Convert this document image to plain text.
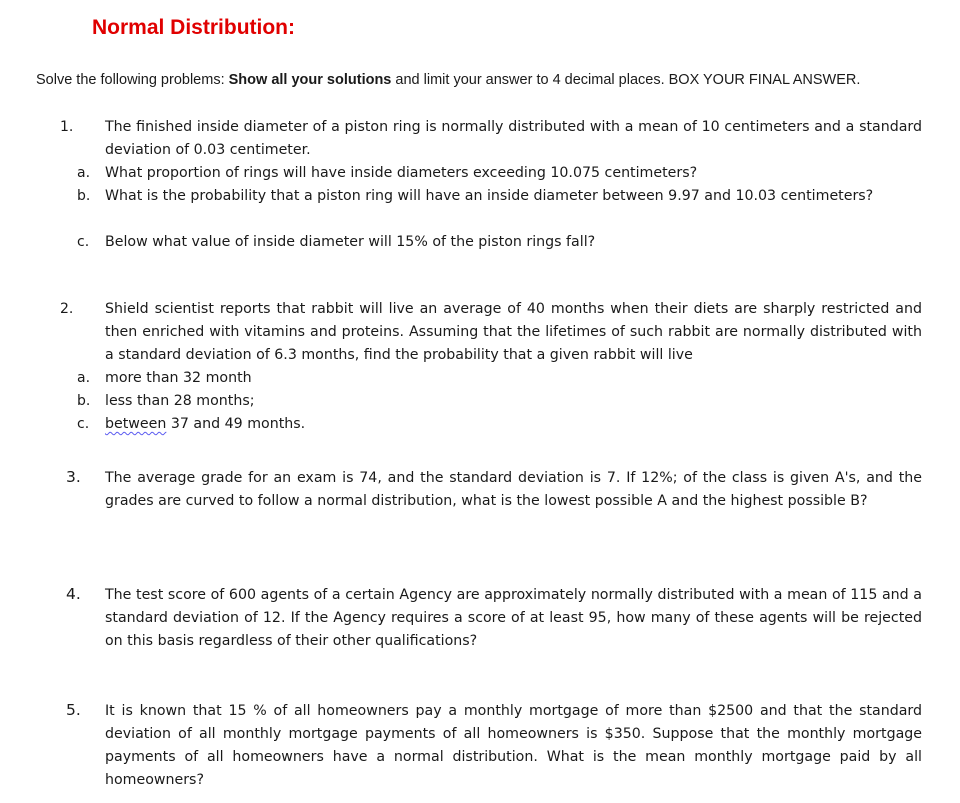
Normal Distribution:
Solve the following problems: Show all your solutions and limit your answer to 4 decimal places. BOX YOUR FINAL ANSWER.
1. The finished inside diameter of a piston ring is normally distributed with a mean of 10 centimeters and a standard deviation of 0.03 centimeter.
a. What proportion of rings will have inside diameters exceeding 10.075 centimeters?
b. What is the probability that a piston ring will have an inside diameter between 9.97 and 10.03 centimeters?
c. Below what value of inside diameter will 15% of the piston rings fall?
2. Shield scientist reports that rabbit will live an average of 40 months when their diets are sharply restricted and then enriched with vitamins and proteins. Assuming that the lifetimes of such rabbit are normally distributed with a standard deviation of 6.3 months, find the probability that a given rabbit will live
a. more than 32 month
b. less than 28 months;
c. between 37 and 49 months.
3. The average grade for an exam is 74, and the standard deviation is 7. If 12%; of the class is given A's, and the grades are curved to follow a normal distribution, what is the lowest possible A and the highest possible B?
4. The test score of 600 agents of a certain Agency are approximately normally distributed with a mean of 115 and a standard deviation of 12. If the Agency requires a score of at least 95, how many of these agents will be rejected on this basis regardless of their other qualifications?
5. It is known that 15 % of all homeowners pay a monthly mortgage of more than $2500 and that the standard deviation of all monthly mortgage payments of all homeowners is $350. Suppose that the monthly mortgage payments of all homeowners have a normal distribution. What is the mean monthly mortgage paid by all homeowners?
